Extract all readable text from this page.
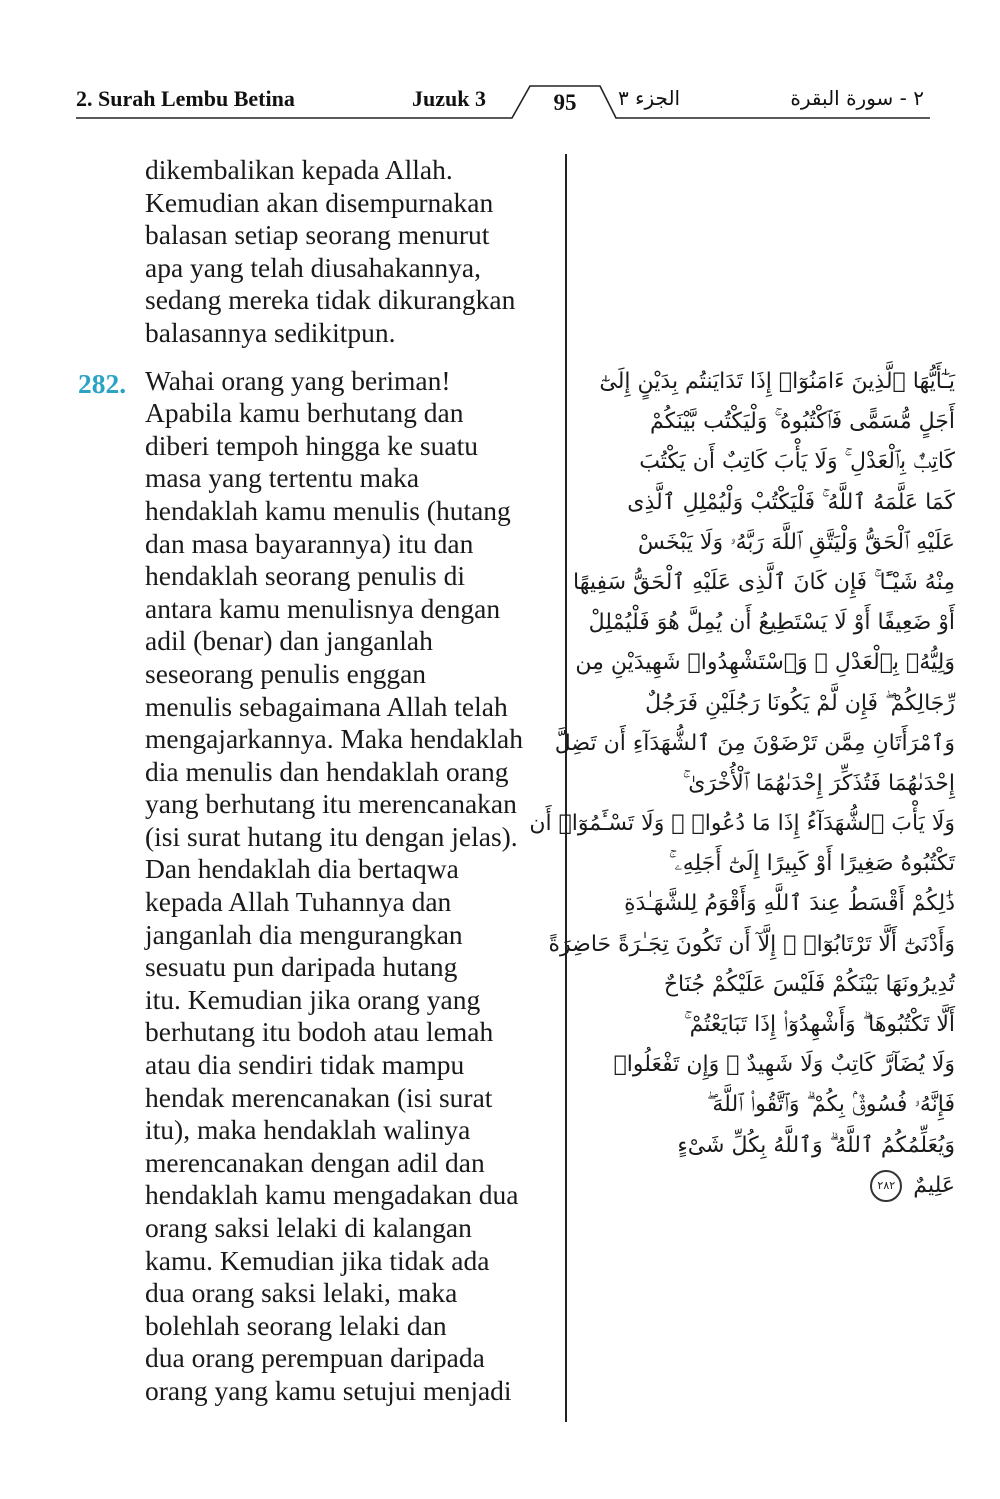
2. Surah Lembu Betina	Juzuk 3	95	الجزء ٣	٢ - سورة البقرة
dikembalikan kepada Allah.
Kemudian akan disempurnakan
balasan setiap seorang menurut
apa yang telah diusahakannya,
sedang mereka tidak dikurangkan
balasannya sedikitpun.
Wahai orang yang beriman!
Apabila kamu berhutang dan
diberi tempoh hingga ke suatu
masa yang tertentu maka
hendaklah kamu menulis (hutang
dan masa bayarannya) itu dan
hendaklah seorang penulis di
antara kamu menulisnya dengan
adil (benar) dan janganlah
seseorang penulis enggan
menulis sebagaimana Allah telah
mengajarkannya. Maka hendaklah
dia menulis dan hendaklah orang
yang berhutang itu merencanakan
(isi surat hutang itu dengan jelas).
Dan hendaklah dia bertaqwa
kepada Allah Tuhannya dan
janganlah dia mengurangkan
sesuatu pun daripada hutang
itu. Kemudian jika orang yang
berhutang itu bodoh atau lemah
atau dia sendiri tidak mampu
hendak merencanakan (isi surat
itu), maka hendaklah walinya
merencanakan dengan adil dan
hendaklah kamu mengadakan dua
orang saksi lelaki di kalangan
kamu. Kemudian jika tidak ada
dua orang saksi lelaki, maka
bolehlah seorang lelaki dan
dua orang perempuan daripada
orang yang kamu setujui menjadi
282.	يَـٰٓأَيُّهَا ٱلَّذِينَ ءَامَنُوٓا۟ إِذَا تَدَايَنتُم بِدَيْنٍ إِلَىٰٓ
أَجَلٍ مُّسَمًّى فَٱكْتُبُوهُ ۚ وَلْيَكْتُب بَّيْنَكُمْ
كَاتِبٌۢ بِٱلْعَدْلِ ۚ وَلَا يَأْبَ كَاتِبٌ أَن يَكْتُبَ
كَمَا عَلَّمَهُ ٱللَّهُ ۚ فَلْيَكْتُبْ وَلْيُمْلِلِ ٱلَّذِى
عَلَيْهِ ٱلْحَقُّ وَلْيَتَّقِ ٱللَّهَ رَبَّهُۥ وَلَا يَبْخَسْ
مِنْهُ شَيْـًٔا ۚ فَإِن كَانَ ٱلَّذِى عَلَيْهِ ٱلْحَقُّ سَفِيهًا
أَوْ ضَعِيفًا أَوْ لَا يَسْتَطِيعُ أَن يُمِلَّ هُوَ فَلْيُمْلِلْ
وَلِيُّهُۥ بِٱلْعَدْلِ ۚ وَٱسْتَشْهِدُوا۟ شَهِيدَيْنِ مِن
رِّجَالِكُمْ ۖ فَإِن لَّمْ يَكُونَا رَجُلَيْنِ فَرَجُلٌ
وَٱمْرَأَتَانِ مِمَّن تَرْضَوْنَ مِنَ ٱلشُّهَدَآءِ أَن تَضِلَّ
إِحْدَىٰهُمَا فَتُذَكِّرَ إِحْدَىٰهُمَا ٱلْأُخْرَىٰ ۚ
وَلَا يَأْبَ ٱلشُّهَدَآءُ إِذَا مَا دُعُوا۟ ۚ وَلَا تَسْـَٔمُوٓا۟ أَن
تَكْتُبُوهُ صَغِيرًا أَوْ كَبِيرًا إِلَىٰٓ أَجَلِهِۦ ۚ
ذَٰلِكُمْ أَقْسَطُ عِندَ ٱللَّهِ وَأَقْوَمُ لِلشَّهَـٰدَةِ
وَأَدْنَىٰٓ أَلَّا تَرْتَابُوٓا۟ ۖ إِلَّآ أَن تَكُونَ تِجَـٰرَةً حَاضِرَةً
تُدِيرُونَهَا بَيْنَكُمْ فَلَيْسَ عَلَيْكُمْ جُنَاحٌ
أَلَّا تَكْتُبُوهَا ۗ وَأَشْهِدُوٓا۟ إِذَا تَبَايَعْتُمْ ۚ
وَلَا يُضَآرَّ كَاتِبٌ وَلَا شَهِيدٌ ۚ وَإِن تَفْعَلُوا۟
فَإِنَّهُۥ فُسُوقٌۢ بِكُمْ ۗ وَٱتَّقُوا۟ ٱللَّهَ ۖ
وَيُعَلِّمُكُمُ ٱللَّهُ ۗ وَٱللَّهُ بِكُلِّ شَىْءٍ
عَلِيمٌ ٢٨٢
